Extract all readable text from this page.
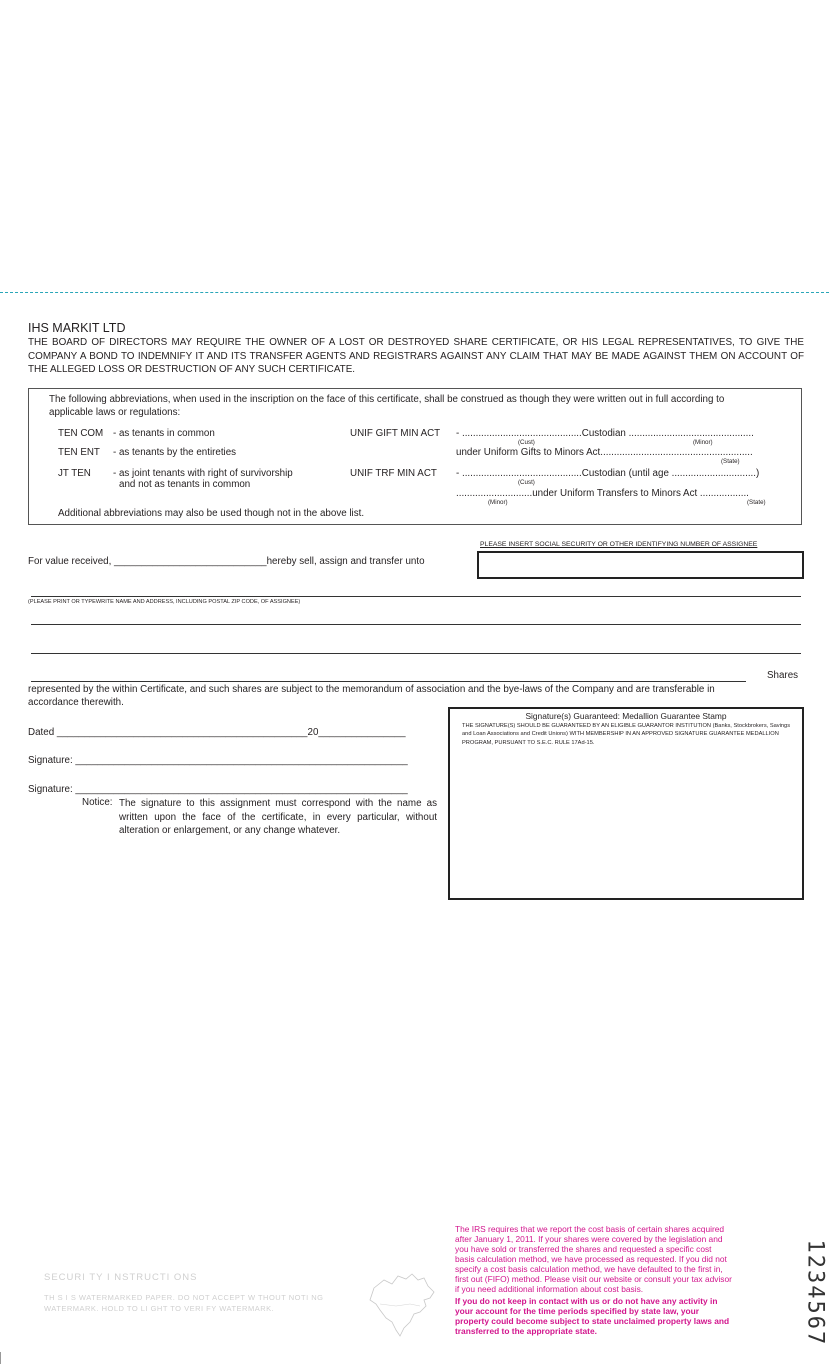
IHS MARKIT LTD
THE BOARD OF DIRECTORS MAY REQUIRE THE OWNER OF A LOST OR DESTROYED SHARE CERTIFICATE, OR HIS LEGAL REPRESENTATIVES, TO GIVE THE COMPANY A BOND TO INDEMNIFY IT AND ITS TRANSFER AGENTS AND REGISTRARS AGAINST ANY CLAIM THAT MAY BE MADE AGAINST THEM ON ACCOUNT OF THE ALLEGED LOSS OR DESTRUCTION OF ANY SUCH CERTIFICATE.
The following abbreviations, when used in the inscription on the face of this certificate, shall be construed as though they were written out in full according to applicable laws or regulations:
TEN COM - as tenants in common
TEN ENT - as tenants by the entireties
JT TEN - as joint tenants with right of survivorship
and not as tenants in common
UNIF GIFT MIN ACT - ............................................Custodian ..............................................
(Cust)	(Minor)
under Uniform Gifts to Minors Act........................................................
(State)
UNIF TRF MIN ACT - ............................................Custodian (until age ...............................)
(Cust)
............................under Uniform Transfers to Minors Act ..................
(Minor)	(State)
Additional abbreviations may also be used though not in the above list.
PLEASE INSERT SOCIAL SECURITY OR OTHER IDENTIFYING NUMBER OF ASSIGNEE
For value received, ____________________________hereby sell, assign and transfer unto
(PLEASE PRINT OR TYPEWRITE NAME AND ADDRESS, INCLUDING POSTAL ZIP CODE, OF ASSIGNEE)
Shares
represented by the within Certificate, and such shares are subject to the memorandum of association and the bye-laws of the Company and are transferable in accordance therewith.
Dated ______________________________________________20________________
Signature: _____________________________________________________________
Signature: _____________________________________________________________
Notice: The signature to this assignment must correspond with the name as written upon the face of the certificate, in every particular, without alteration or enlargement, or any change whatever.
Signature(s) Guaranteed: Medallion Guarantee Stamp
THE SIGNATURE(S) SHOULD BE GUARANTEED BY AN ELIGIBLE GUARANTOR INSTITUTION (Banks, Stockbrokers, Savings and Loan Associations and Credit Unions) WITH MEMBERSHIP IN AN APPROVED SIGNATURE GUARANTEE MEDALLION PROGRAM, PURSUANT TO S.E.C. RULE 17Ad-15.
The IRS requires that we report the cost basis of certain shares acquired after January 1, 2011. If your shares were covered by the legislation and you have sold or transferred the shares and requested a specific cost basis calculation method, we have processed as requested. If you did not specify a cost basis calculation method, we have defaulted to the first in, first out (FIFO) method. Please visit our website or consult your tax advisor if you need additional information about cost basis.
If you do not keep in contact with us or do not have any activity in your account for the time periods specified by state law, your property could become subject to state unclaimed property laws and transferred to the appropriate state.
SECURI TY I NSTRUCTI ONS
TH S I S WATERMARKED PAPER. DO NOT ACCEPT W THOUT NOTI NG WATERMARK. HOLD TO LI GHT TO VERI FY WATERMARK.	1234567
